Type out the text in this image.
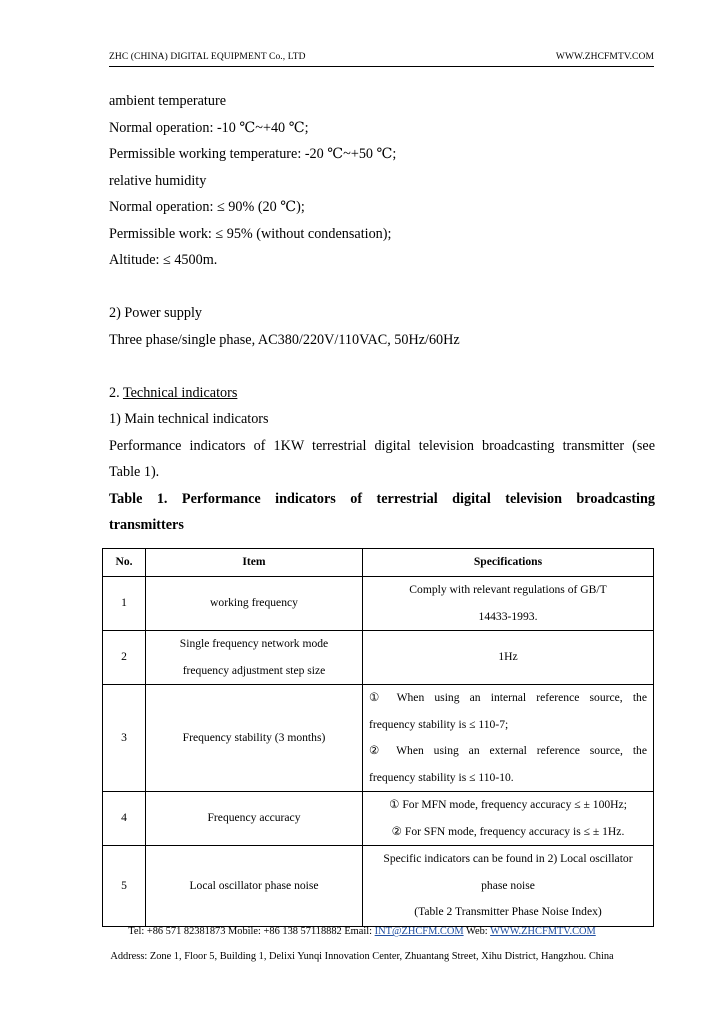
ZHC (CHINA) DIGITAL EQUIPMENT Co., LTD	WWW.ZHCFMTV.COM
ambient temperature
Normal operation: -10 ℃~+40 ℃;
Permissible working temperature: -20 ℃~+50 ℃;
relative humidity
Normal operation: ≤ 90% (20 ℃);
Permissible work: ≤ 95% (without condensation);
Altitude: ≤ 4500m.
2) Power supply
Three phase/single phase, AC380/220V/110VAC, 50Hz/60Hz
2. Technical indicators
1) Main technical indicators
Performance indicators of 1KW terrestrial digital television broadcasting transmitter (see
Table 1).
Table 1. Performance indicators of terrestrial digital television broadcasting
transmitters
No.	Item	Specifications
1	working frequency	Comply with relevant regulations of GB/T
14433-1993.

2	Single frequency network mode
frequency adjustment step size	1Hz

3	Frequency stability (3 months)	① When using an internal reference source, the
frequency stability is ≤ 110-7;
② When using an external reference source, the
frequency stability is ≤ 110-10.

4	Frequency accuracy	① For MFN mode, frequency accuracy ≤ ± 100Hz;
② For SFN mode, frequency accuracy is ≤ ± 1Hz.

5	Local oscillator phase noise	Specific indicators can be found in 2) Local oscillator
phase noise
(Table 2 Transmitter Phase Noise Index)
Tel: +86 571 82381873 Mobile: +86 138 57118882 Email: INT@ZHCFM.COM Web: WWW.ZHCFMTV.COM
Address: Zone 1, Floor 5, Building 1, Delixi Yunqi Innovation Center, Zhuantang Street, Xihu District, Hangzhou. China
